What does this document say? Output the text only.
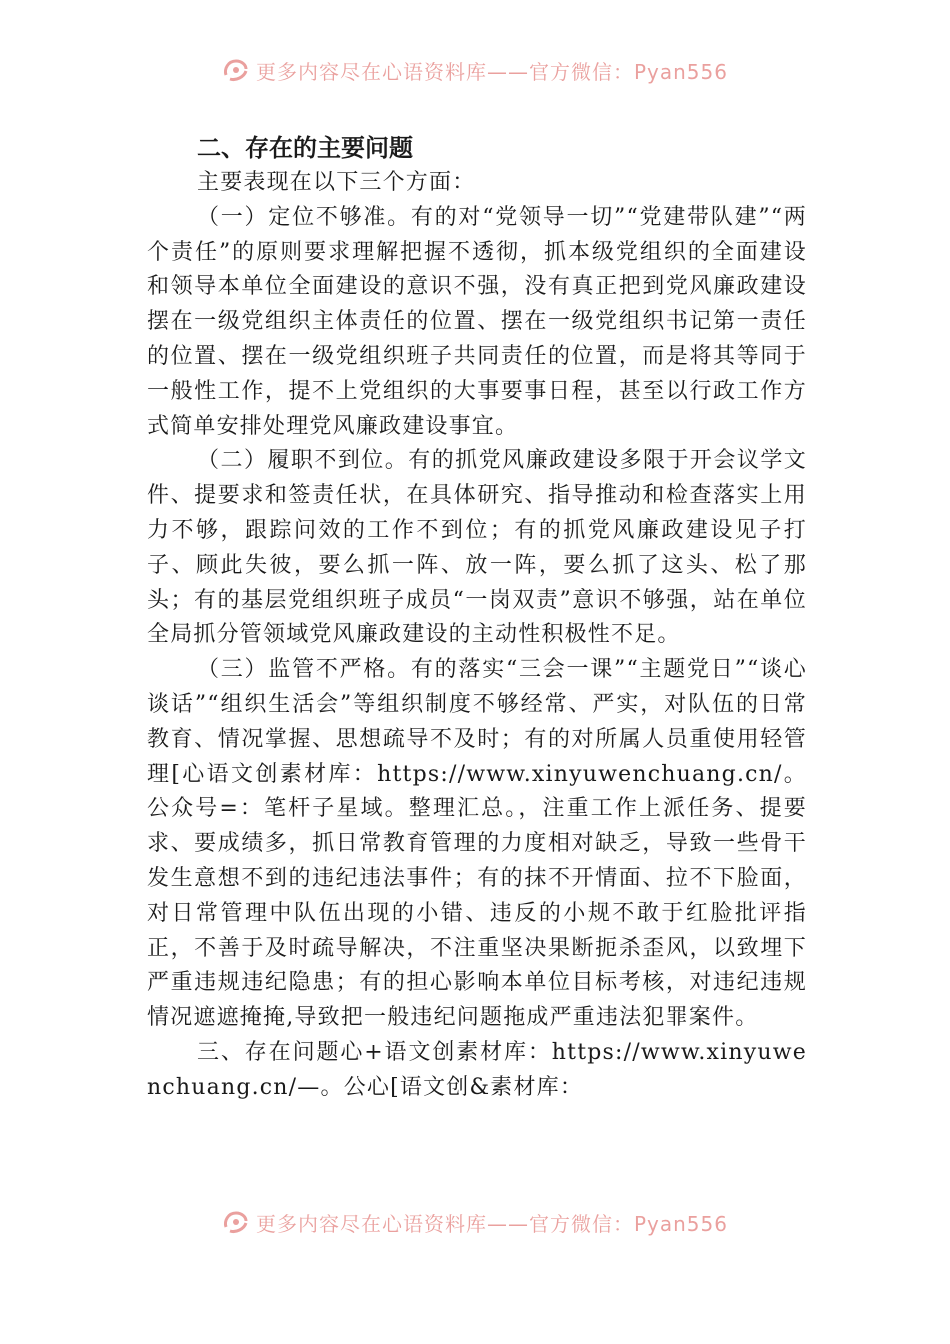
更多内容尽在心语资料库——官方微信：Pyan556
二、存在的主要问题

主要表现在以下三个方面：

（一）定位不够准。有的对“党领导一切”“党建带队建”“两个责任”的原则要求理解把握不透彻，抓本级党组织的全面建设和领导本单位全面建设的意识不强，没有真正把到党风廉政建设摆在一级党组织主体责任的位置、摆在一级党组织书记第一责任的位置、摆在一级党组织班子共同责任的位置，而是将其等同于一般性工作，提不上党组织的大事要事日程，甚至以行政工作方式简单安排处理党风廉政建设事宜。

（二）履职不到位。有的抓党风廉政建设多限于开会议学文件、提要求和签责任状，在具体研究、指导推动和检查落实上用力不够，跟踪问效的工作不到位；有的抓党风廉政建设见子打子、顾此失彼，要么抓一阵、放一阵，要么抓了这头、松了那头；有的基层党组织班子成员“一岗双责”意识不够强，站在单位全局抓分管领域党风廉政建设的主动性积极性不足。

（三）监管不严格。有的落实“三会一课”“主题党日”“谈心谈话”“组织生活会”等组织制度不够经常、严实，对队伍的日常教育、情况掌握、思想疏导不及时；有的对所属人员重使用轻管理[心语文创素材库：https://www.xinyuwenchuang.cn/。公众号=：笔杆子星域。整理汇总。，注重工作上派任务、提要求、要成绩多，抓日常教育管理的力度相对缺乏，导致一些骨干发生意想不到的违纪违法事件；有的抹不开情面、拉不下脸面，对日常管理中队伍出现的小错、违反的小规不敢于红脸批评指正，不善于及时疏导解决，不注重坚决果断扼杀歪风，以致埋下严重违规违纪隐患；有的担心影响本单位目标考核，对违纪违规情况遮遮掩掩,导致把一般违纪问题拖成严重违法犯罪案件。

三、存在问题心+语文创素材库：https://www.xinyuwenchuang.cn/—。公心[语文创&素材库：

更多内容尽在心语资料库——官方微信：Pyan556
